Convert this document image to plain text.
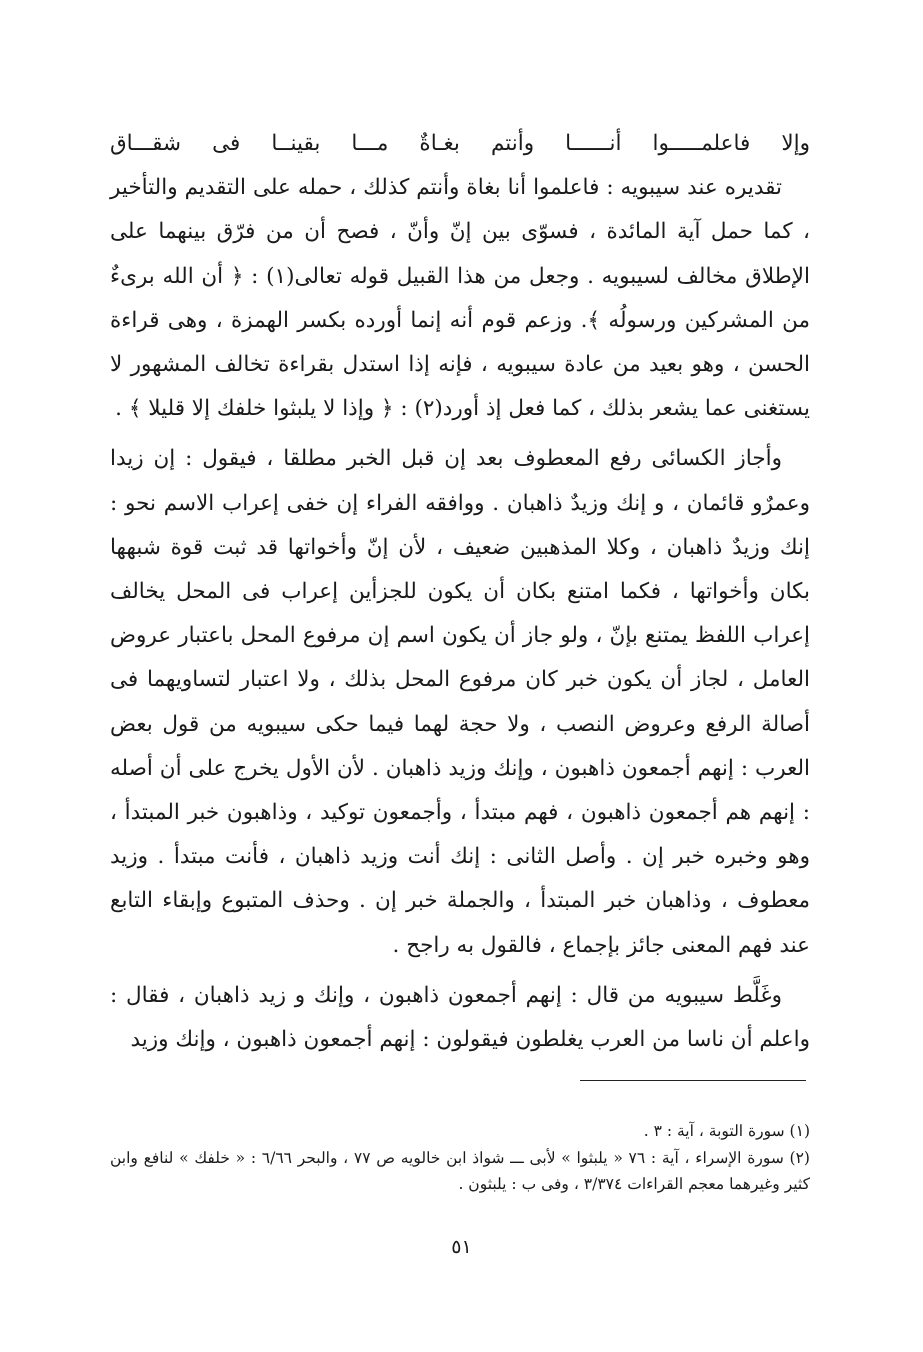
وإلا فاعلمـــــوا أنــــــا وأنتم بغـاةٌ مـــا بقينــا فى شقـــاق

تقديره عند سيبويه : فاعلموا أنا بغاة وأنتم كذلك ، حمله على التقديم والتأخير ، كما حمل آية المائدة ، فسوّى بين إنّ وأنّ ، فصح أن من فرّق بينهما على الإطلاق مخالف لسيبويه . وجعل من هذا القبيل قوله تعالى(١) : ﴿ أن الله برىءٌ من المشركين ورسولُه ﴾. وزعم قوم أنه إنما أورده بكسر الهمزة ، وهى قراءة الحسن ، وهو بعيد من عادة سيبويه ، فإنه إذا استدل بقراءة تخالف المشهور لا يستغنى عما يشعر بذلك ، كما فعل إذ أورد(٢) : ﴿ وإذا لا يلبثوا خلفك إلا قليلا ﴾ .

وأجاز الكسائى رفع المعطوف بعد إن قبل الخبر مطلقا ، فيقول : إن زيدا وعمرٌو قائمان ، و إنك وزيدٌ ذاهبان . ووافقه الفراء إن خفى إعراب الاسم نحو : إنك وزيدٌ ذاهبان ، وكلا المذهبين ضعيف ، لأن إنّ وأخواتها قد ثبت قوة شبهها بكان وأخواتها ، فكما امتنع بكان أن يكون للجزأين إعراب فى المحل يخالف إعراب اللفظ يمتنع بإنّ ، ولو جاز أن يكون اسم إن مرفوع المحل باعتبار عروض العامل ، لجاز أن يكون خبر كان مرفوع المحل بذلك ، ولا اعتبار لتساويهما فى أصالة الرفع وعروض النصب ، ولا حجة لهما فيما حكى سيبويه من قول بعض العرب : إنهم أجمعون ذاهبون ، وإنك وزيد ذاهبان . لأن الأول يخرج على أن أصله : إنهم هم أجمعون ذاهبون ، فهم مبتدأ ، وأجمعون توكيد ، وذاهبون خبر المبتدأ ، وهو وخبره خبر إن . وأصل الثانى : إنك أنت وزيد ذاهبان ، فأنت مبتدأ . وزيد معطوف ، وذاهبان خبر المبتدأ ، والجملة خبر إن . وحذف المتبوع وإبقاء التابع عند فهم المعنى جائز بإجماع ، فالقول به راجح .

وغَلَّط سيبويه من قال : إنهم أجمعون ذاهبون ، وإنك و زيد ذاهبان ، فقال : واعلم أن ناسا من العرب يغلطون فيقولون : إنهم أجمعون ذاهبون ، وإنك وزيد

(١) سورة التوبة ، آية : ٣ .

(٢) سورة الإسراء ، آية : ٧٦ « يلبثوا » لأبى ـــ شواذ ابن خالويه ص ٧٧ ، والبحر ٦/٦٦ : « خلفك » لنافع وابن كثير وغيرهما معجم القراءات ٣/٣٧٤ ، وفى ب : يلبثون .

٥١
